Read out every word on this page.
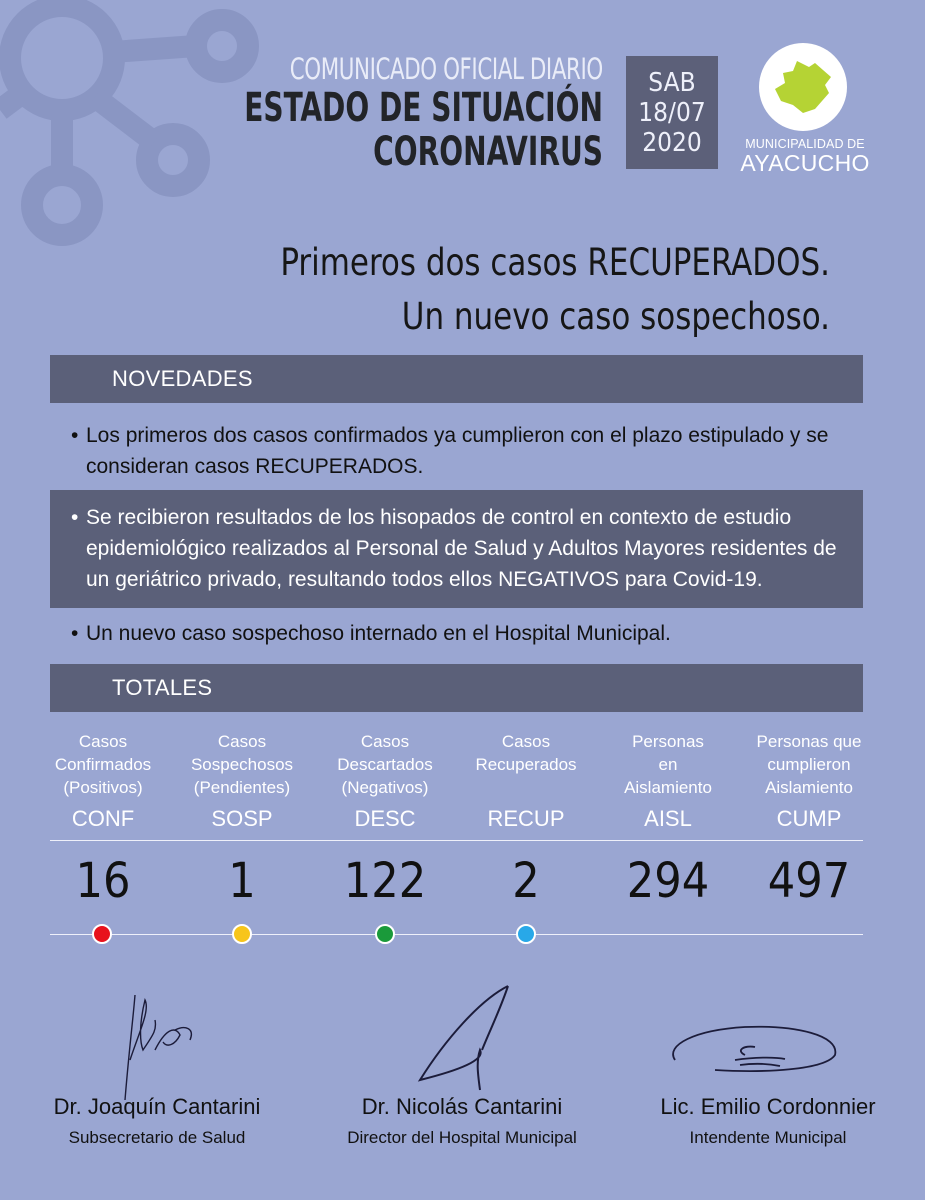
COMUNICADO OFICIAL DIARIO
ESTADO DE SITUACIÓN
CORONAVIRUS
SAB
18/07
2020	MUNICIPALIDAD DE
AYACUCHO
Primeros dos casos RECUPERADOS.
Un nuevo caso sospechoso.
NOVEDADES
• Los primeros dos casos confirmados ya cumplieron con el plazo estipulado y se consideran casos RECUPERADOS.
• Se recibieron resultados de los hisopados de control en contexto de estudio epidemiológico realizados al Personal de Salud y Adultos Mayores residentes de un geriátrico privado, resultando todos ellos NEGATIVOS para Covid-19.
• Un nuevo caso sospechoso internado en el Hospital Municipal.
TOTALES
Casos
Confirmados
(Positivos)
CONF
16
Casos
Sospechosos
(Pendientes)
SOSP
1
Casos
Descartados
(Negativos)
DESC
122
Casos
Recuperados
RECUP
2
Personas
en
Aislamiento
AISL
294
Personas que
cumplieron
Aislamiento
CUMP
497
Dr. Joaquín Cantarini
Subsecretario de Salud
Dr. Nicolás Cantarini
Director del Hospital Municipal
Lic. Emilio Cordonnier
Intendente Municipal
